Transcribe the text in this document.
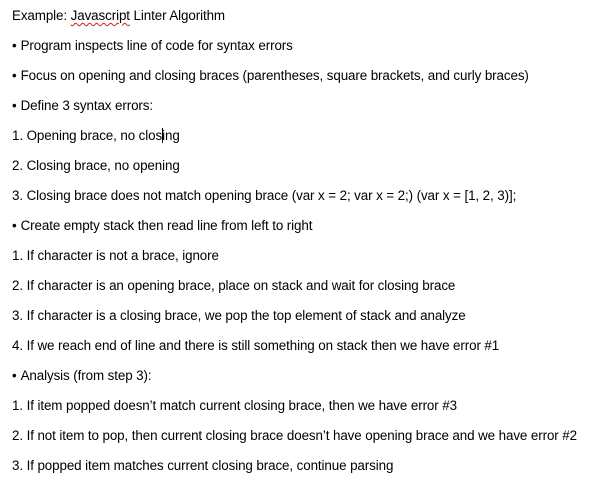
Example: Javascript Linter Algorithm
• Program inspects line of code for syntax errors
• Focus on opening and closing braces (parentheses, square brackets, and curly braces)
• Define 3 syntax errors:
1. Opening brace, no closing
2. Closing brace, no opening
3. Closing brace does not match opening brace (var x = 2; var x = 2;) (var x = [1, 2, 3)];
• Create empty stack then read line from left to right
1. If character is not a brace, ignore
2. If character is an opening brace, place on stack and wait for closing brace
3. If character is a closing brace, we pop the top element of stack and analyze
4. If we reach end of line and there is still something on stack then we have error #1
• Analysis (from step 3):
1. If item popped doesn’t match current closing brace, then we have error #3
2. If not item to pop, then current closing brace doesn’t have opening brace and we have error #2
3. If popped item matches current closing brace, continue parsing
